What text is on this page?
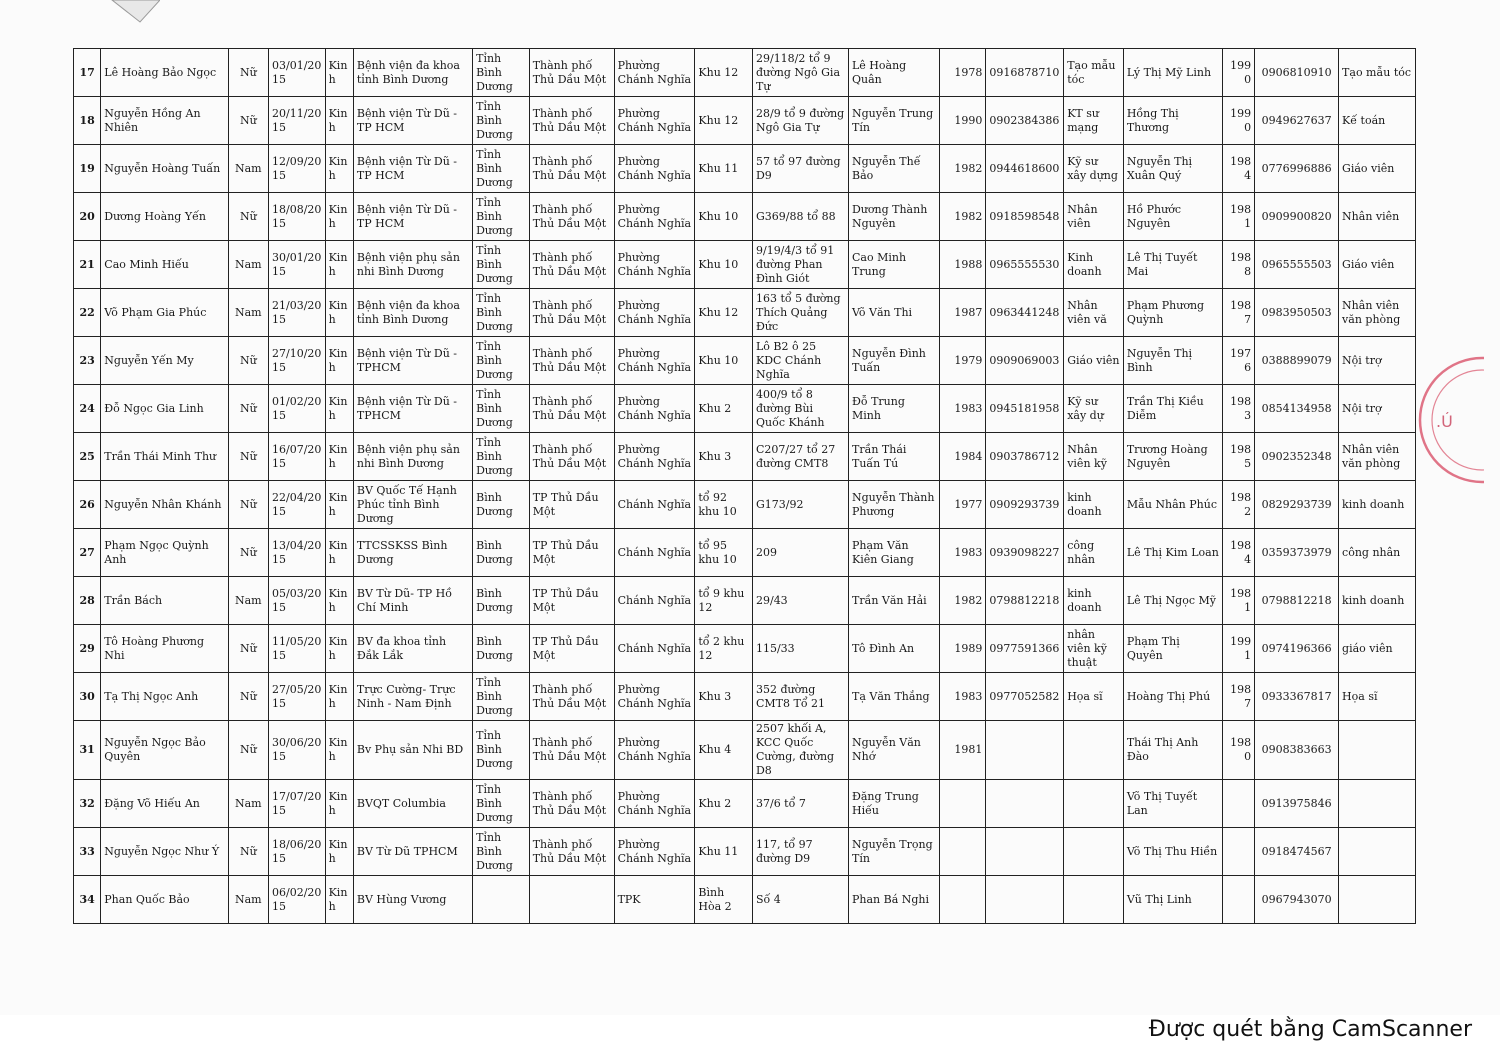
17	Lê Hoàng Bảo Ngọc	Nữ	03/01/2015	Kinh	Bệnh viện đa khoa tỉnh Bình Dương	Tỉnh Bình Dương	Thành phố Thủ Dầu Một	Phường Chánh Nghĩa	Khu 12	29/118/2 tổ 9 đường Ngô Gia Tự	Lê Hoàng Quân	1978	0916878710	Tạo mẫu tóc	Lý Thị Mỹ Linh	1990	0906810910	Tạo mẫu tóc
18	Nguyễn Hồng An Nhiên	Nữ	20/11/2015	Kinh	Bệnh viện Từ Dũ - TP HCM	Tỉnh Bình Dương	Thành phố Thủ Dầu Một	Phường Chánh Nghĩa	Khu 12	28/9 tổ 9 đường Ngô Gia Tự	Nguyễn Trung Tín	1990	0902384386	KT sư mạng	Hồng Thị Thương	1990	0949627637	Kế toán
19	Nguyễn Hoàng Tuấn	Nam	12/09/2015	Kinh	Bệnh viện Từ Dũ - TP HCM	Tỉnh Bình Dương	Thành phố Thủ Dầu Một	Phường Chánh Nghĩa	Khu 11	57 tổ 97 đường D9	Nguyễn Thế Bảo	1982	0944618600	Kỹ sư xây dựng	Nguyễn Thị Xuân Quý	1984	0776996886	Giáo viên
20	Dương Hoàng Yến	Nữ	18/08/2015	Kinh	Bệnh viện Từ Dũ - TP HCM	Tỉnh Bình Dương	Thành phố Thủ Dầu Một	Phường Chánh Nghĩa	Khu 10	G369/88 tổ 88	Dương Thành Nguyên	1982	0918598548	Nhân viên	Hồ Phước Nguyên	1981	0909900820	Nhân viên
21	Cao Minh Hiếu	Nam	30/01/2015	Kinh	Bệnh viện phụ sản nhi Bình Dương	Tỉnh Bình Dương	Thành phố Thủ Dầu Một	Phường Chánh Nghĩa	Khu 10	9/19/4/3 tổ 91 đường Phan Đình Giót	Cao Minh Trung	1988	0965555530	Kinh doanh	Lê Thị Tuyết Mai	1988	0965555503	Giáo viên
22	Võ Phạm Gia Phúc	Nam	21/03/2015	Kinh	Bệnh viện đa khoa tỉnh Bình Dương	Tỉnh Bình Dương	Thành phố Thủ Dầu Một	Phường Chánh Nghĩa	Khu 12	163 tổ 5 đường Thích Quảng Đức	Võ Văn Thi	1987	0963441248	Nhân viên vă	Phạm Phương Quỳnh	1987	0983950503	Nhân viên văn phòng
23	Nguyễn Yến My	Nữ	27/10/2015	Kinh	Bệnh viện Từ Dũ - TPHCM	Tỉnh Bình Dương	Thành phố Thủ Dầu Một	Phường Chánh Nghĩa	Khu 10	Lô B2 ô 25 KDC Chánh Nghĩa	Nguyễn Đình Tuấn	1979	0909069003	Giáo viên	Nguyễn Thị Bình	1976	0388899079	Nội trợ
24	Đỗ Ngọc Gia Linh	Nữ	01/02/2015	Kinh	Bệnh viện Từ Dũ - TPHCM	Tỉnh Bình Dương	Thành phố Thủ Dầu Một	Phường Chánh Nghĩa	Khu 2	400/9 tổ 8 đường Bùi Quốc Khánh	Đỗ Trung Minh	1983	0945181958	Kỹ sư xây dự	Trần Thị Kiều Diễm	1983	0854134958	Nội trợ
25	Trần Thái Minh Thư	Nữ	16/07/2015	Kinh	Bệnh viện phụ sản nhi Bình Dương	Tỉnh Bình Dương	Thành phố Thủ Dầu Một	Phường Chánh Nghĩa	Khu 3	C207/27 tổ 27 đường CMT8	Trần Thái Tuấn Tú	1984	0903786712	Nhân viên kỹ	Trương Hoàng Nguyên	1985	0902352348	Nhân viên văn phòng
26	Nguyễn Nhân Khánh	Nữ	22/04/2015	Kinh	BV Quốc Tế Hạnh Phúc tỉnh Bình Dương	Bình Dương	TP Thủ Dầu Một	Chánh Nghĩa	tổ 92 khu 10	G173/92	Nguyễn Thành Phương	1977	0909293739	kinh doanh	Mẫu Nhân Phúc	1982	0829293739	kinh doanh
27	Phạm Ngọc Quỳnh Anh	Nữ	13/04/2015	Kinh	TTCSSKSS Bình Dương	Bình Dương	TP Thủ Dầu Một	Chánh Nghĩa	tổ 95 khu 10	209	Phạm Văn Kiên Giang	1983	0939098227	công nhân	Lê Thị Kim Loan	1984	0359373979	công nhân
28	Trần Bách	Nam	05/03/2015	Kinh	BV Từ Dũ- TP Hồ Chí Minh	Bình Dương	TP Thủ Dầu Một	Chánh Nghĩa	tổ 9 khu 12	29/43	Trần Văn Hải	1982	0798812218	kinh doanh	Lê Thị Ngọc Mỹ	1981	0798812218	kinh doanh
29	Tô Hoàng Phương Nhi	Nữ	11/05/2015	Kinh	BV đa khoa tỉnh Đắk Lắk	Bình Dương	TP Thủ Dầu Một	Chánh Nghĩa	tổ 2 khu 12	115/33	Tô Đình An	1989	0977591366	nhân viên kỹ thuật	Phạm Thị Quyên	1991	0974196366	giáo viên
30	Tạ Thị Ngọc Anh	Nữ	27/05/2015	Kinh	Trực Cường- Trực Ninh - Nam Định	Tỉnh Bình Dương	Thành phố Thủ Dầu Một	Phường Chánh Nghĩa	Khu 3	352 đường CMT8 Tổ 21	Tạ Văn Thắng	1983	0977052582	Họa sĩ	Hoàng Thị Phú	1987	0933367817	Họa sĩ
31	Nguyễn Ngọc Bảo Quyên	Nữ	30/06/2015	Kinh	Bv Phụ sản Nhi BD	Tỉnh Bình Dương	Thành phố Thủ Dầu Một	Phường Chánh Nghĩa	Khu 4	2507 khối A, KCC Quốc Cường, đường D8	Nguyễn Văn Nhớ	1981			Thái Thị Anh Đào	1980	0908383663	
32	Đặng Võ Hiếu An	Nam	17/07/2015	Kinh	BVQT Columbia	Tỉnh Bình Dương	Thành phố Thủ Dầu Một	Phường Chánh Nghĩa	Khu 2	37/6 tổ 7	Đặng Trung Hiếu				Võ Thị Tuyết Lan		0913975846	
33	Nguyễn Ngọc Như Ý	Nữ	18/06/2015	Kinh	BV Từ Dũ TPHCM	Tỉnh Bình Dương	Thành phố Thủ Dầu Một	Phường Chánh Nghĩa	Khu 11	117, tổ 97 đường D9	Nguyễn Trọng Tín				Võ Thị Thu Hiền		0918474567	
34	Phan Quốc Bảo	Nam	06/02/2015	Kinh	BV Hùng Vương			TPK	Bình Hòa 2	Số 4	Phan Bá Nghi				Vũ Thị Linh		0967943070	
.Ú
Được quét bằng CamScanner
